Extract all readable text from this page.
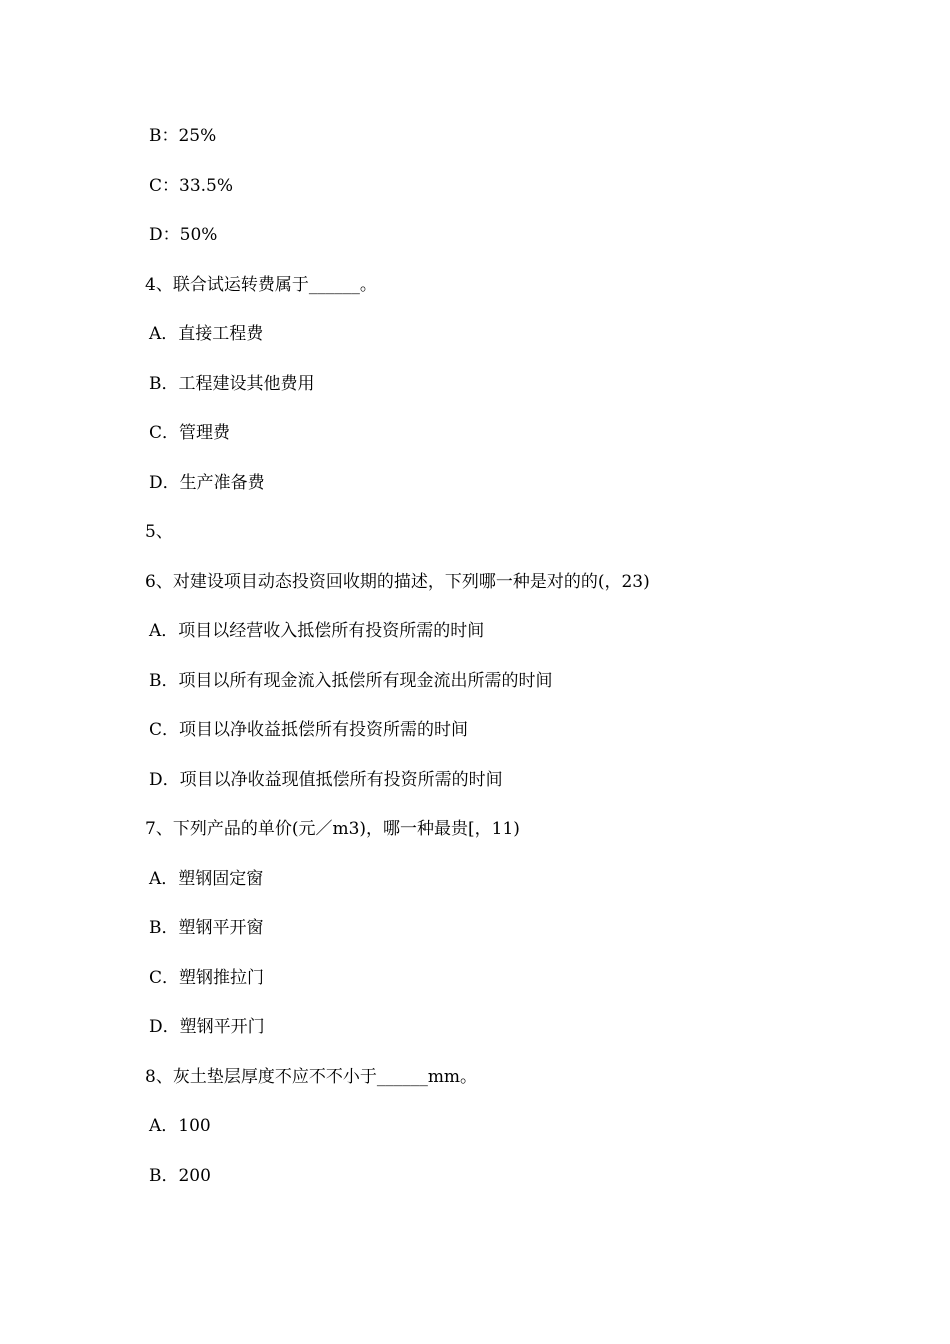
B：25%
C：33.5%
D：50%
4、联合试运转费属于______。
A．直接工程费
B．工程建设其他费用
C．管理费
D．生产准备费
5、
6、对建设项目动态投资回收期的描述，下列哪一种是对的的(，23)
A．项目以经营收入抵偿所有投资所需的时间
B．项目以所有现金流入抵偿所有现金流出所需的时间
C．项目以净收益抵偿所有投资所需的时间
D．项目以净收益现值抵偿所有投资所需的时间
7、下列产品的单价(元／m3)，哪一种最贵[，11)
A．塑钢固定窗
B．塑钢平开窗
C．塑钢推拉门
D．塑钢平开门
8、灰土垫层厚度不应不不小于______mm。
A．100
B．200
